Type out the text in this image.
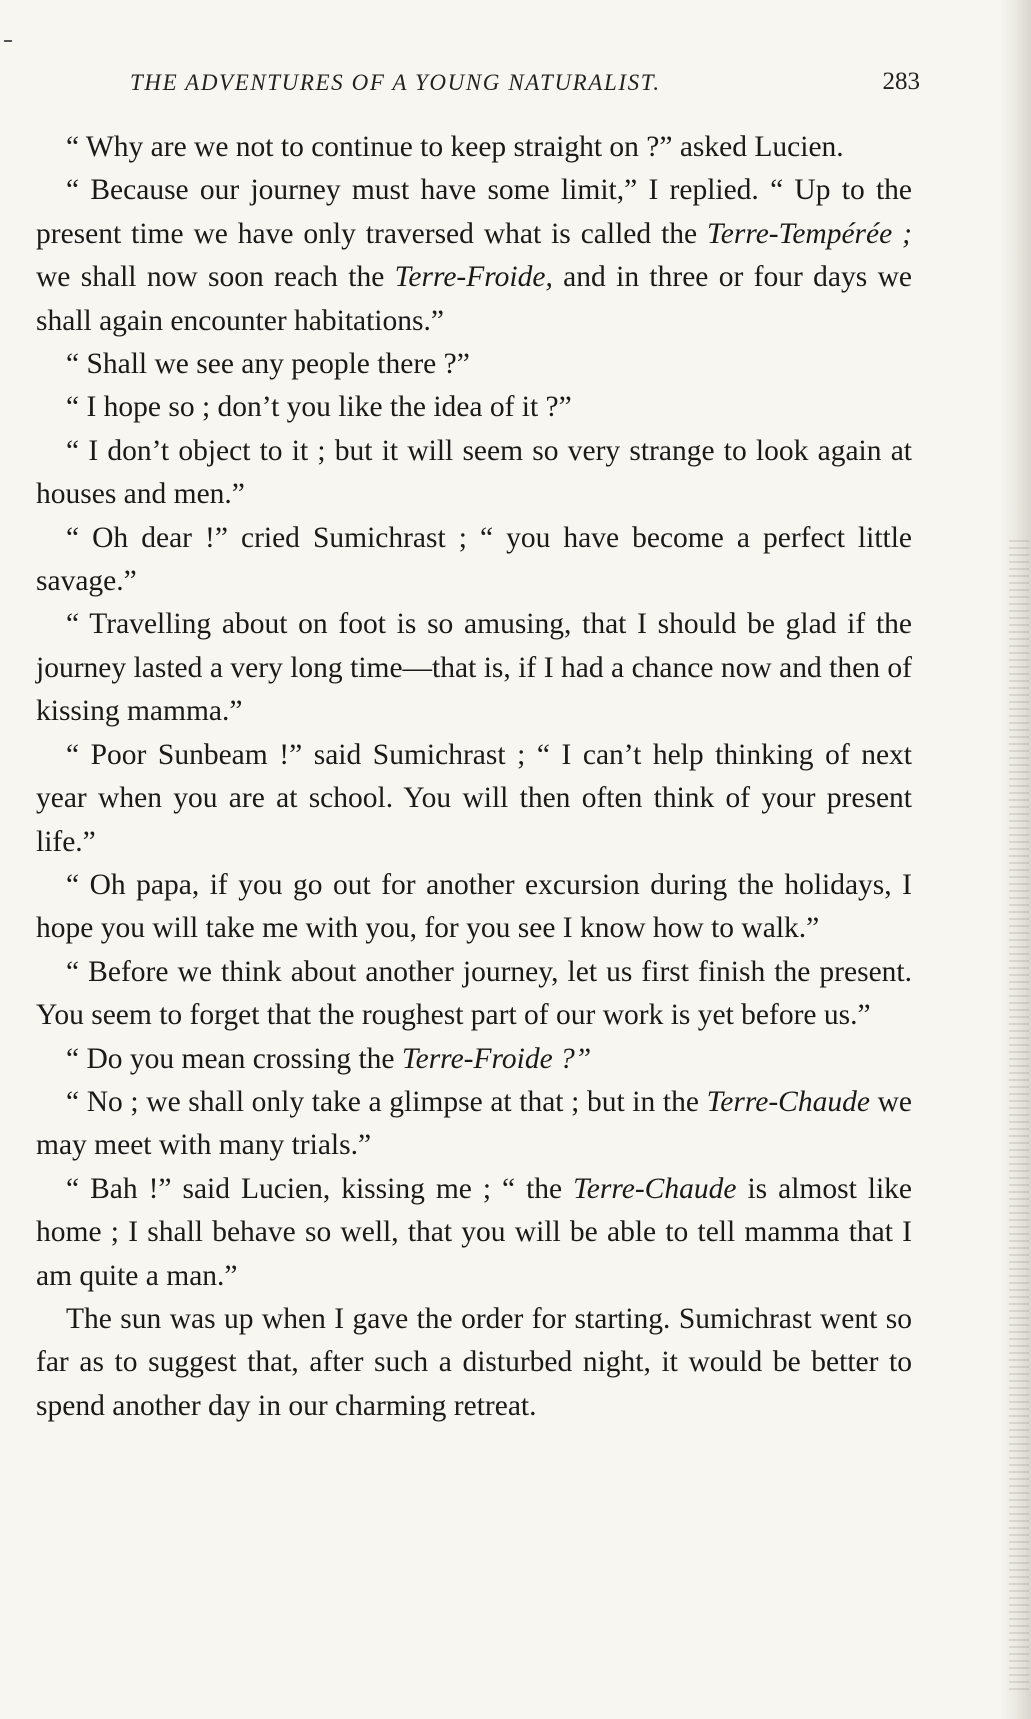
THE ADVENTURES OF A YOUNG NATURALIST.	283

“ Why are we not to continue to keep straight on ?” asked Lucien.

“ Because our journey must have some limit,” I replied. “ Up to the present time we have only traversed what is called the Terre-Tempérée ; we shall now soon reach the Terre-Froide, and in three or four days we shall again encounter habitations.”

“ Shall we see any people there ?”

“ I hope so ; don’t you like the idea of it ?”

“ I don’t object to it ; but it will seem so very strange to look again at houses and men.”

“ Oh dear !” cried Sumichrast ; “ you have become a perfect little savage.”

“ Travelling about on foot is so amusing, that I should be glad if the journey lasted a very long time—that is, if I had a chance now and then of kissing mamma.”

“ Poor Sunbeam !” said Sumichrast ; “ I can’t help thinking of next year when you are at school. You will then often think of your present life.”

“ Oh papa, if you go out for another excursion during the holidays, I hope you will take me with you, for you see I know how to walk.”

“ Before we think about another journey, let us first finish the present. You seem to forget that the roughest part of our work is yet before us.”

“ Do you mean crossing the Terre-Froide ?”

“ No ; we shall only take a glimpse at that ; but in the Terre-Chaude we may meet with many trials.”

“ Bah !” said Lucien, kissing me ; “ the Terre-Chaude is almost like home ; I shall behave so well, that you will be able to tell mamma that I am quite a man.”

The sun was up when I gave the order for starting. Sumichrast went so far as to suggest that, after such a disturbed night, it would be better to spend another day in our charming retreat.
